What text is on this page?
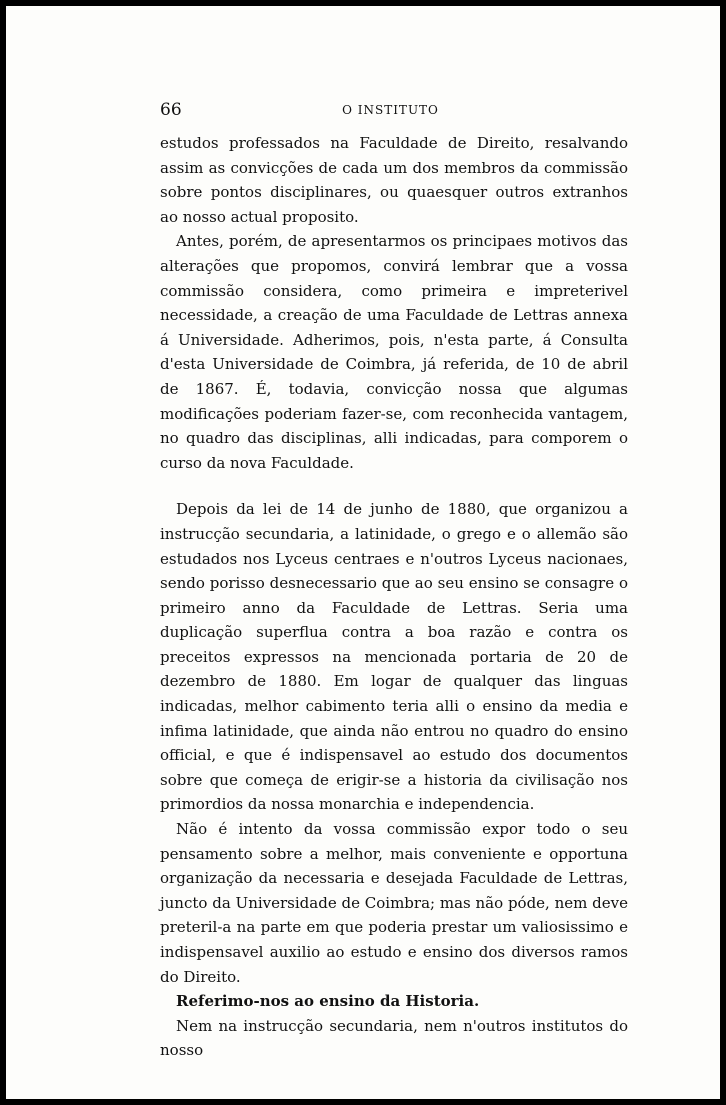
66	O INSTITUTO

estudos professados na Faculdade de Direito, resalvando assim as convicções de cada um dos membros da commissão sobre pontos disciplinares, ou quaesquer outros extranhos ao nosso actual proposito.

Antes, porém, de apresentarmos os principaes motivos das alterações que propomos, convirá lembrar que a vossa commissão considera, como primeira e impreterivel necessidade, a creação de uma Faculdade de Lettras annexa á Universidade. Adherimos, pois, n'esta parte, á Consulta d'esta Universidade de Coimbra, já referida, de 10 de abril de 1867. É, todavia, convicção nossa que algumas modificações poderiam fazer-se, com reconhecida vantagem, no quadro das disciplinas, alli indicadas, para comporem o curso da nova Faculdade.

Depois da lei de 14 de junho de 1880, que organizou a instrucção secundaria, a latinidade, o grego e o allemão são estudados nos Lyceus centraes e n'outros Lyceus nacionaes, sendo porisso desnecessario que ao seu ensino se consagre o primeiro anno da Faculdade de Lettras. Seria uma duplicação superflua contra a boa razão e contra os preceitos expressos na mencionada portaria de 20 de dezembro de 1880. Em logar de qualquer das linguas indicadas, melhor cabimento teria alli o ensino da media e infima latinidade, que ainda não entrou no quadro do ensino official, e que é indispensavel ao estudo dos documentos sobre que começa de erigir-se a historia da civilisação nos primordios da nossa monarchia e independencia.

Não é intento da vossa commissão expor todo o seu pensamento sobre a melhor, mais conveniente e opportuna organização da necessaria e desejada Faculdade de Lettras, juncto da Universidade de Coimbra; mas não póde, nem deve preteril-a na parte em que poderia prestar um valiosissimo e indispensavel auxilio ao estudo e ensino dos diversos ramos do Direito.

Referimo-nos ao ensino da Historia.

Nem na instrucção secundaria, nem n'outros institutos do nosso
